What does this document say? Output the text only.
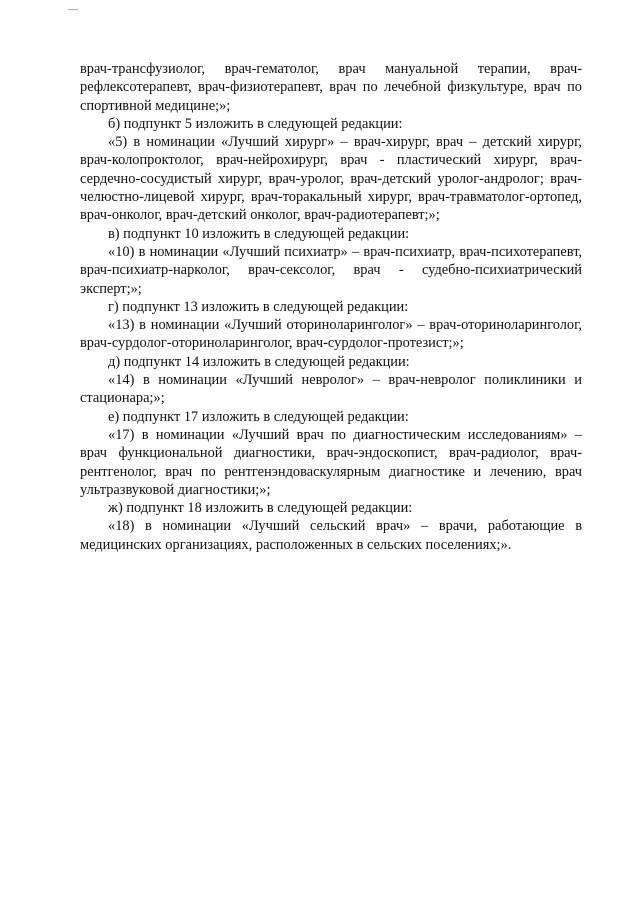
врач-трансфузиолог, врач-гематолог, врач мануальной терапии, врач-рефлексотерапевт, врач-физиотерапевт, врач по лечебной физкультуре, врач по спортивной медицине;»;

б) подпункт 5 изложить в следующей редакции:

«5) в номинации «Лучший хирург» – врач-хирург, врач – детский хирург, врач-колопроктолог, врач-нейрохирург, врач - пластический хирург, врач-сердечно-сосудистый хирург, врач-уролог, врач-детский уролог-андролог; врач-челюстно-лицевой хирург, врач-торакальный хирург, врач-травматолог-ортопед, врач-онколог, врач-детский онколог, врач-радиотерапевт;»;

в) подпункт 10 изложить в следующей редакции:

«10) в номинации «Лучший психиатр» – врач-психиатр, врач-психотерапевт, врач-психиатр-нарколог, врач-сексолог, врач - судебно-психиатрический эксперт;»;

г) подпункт 13 изложить в следующей редакции:

«13) в номинации «Лучший оториноларинголог» – врач-оториноларинголог, врач-сурдолог-оториноларинголог, врач-сурдолог-протезист;»;

д) подпункт 14 изложить в следующей редакции:

«14) в номинации «Лучший невролог» – врач-невролог поликлиники и стационара;»;

е) подпункт 17 изложить в следующей редакции:

«17) в номинации «Лучший врач по диагностическим исследованиям» – врач функциональной диагностики, врач-эндоскопист, врач-радиолог, врач-рентгенолог, врач по рентгенэндоваскулярным диагностике и лечению, врач ультразвуковой диагностики;»;

ж) подпункт 18 изложить в следующей редакции:

«18) в номинации «Лучший сельский врач» – врачи, работающие в медицинских организациях, расположенных в сельских поселениях;».
